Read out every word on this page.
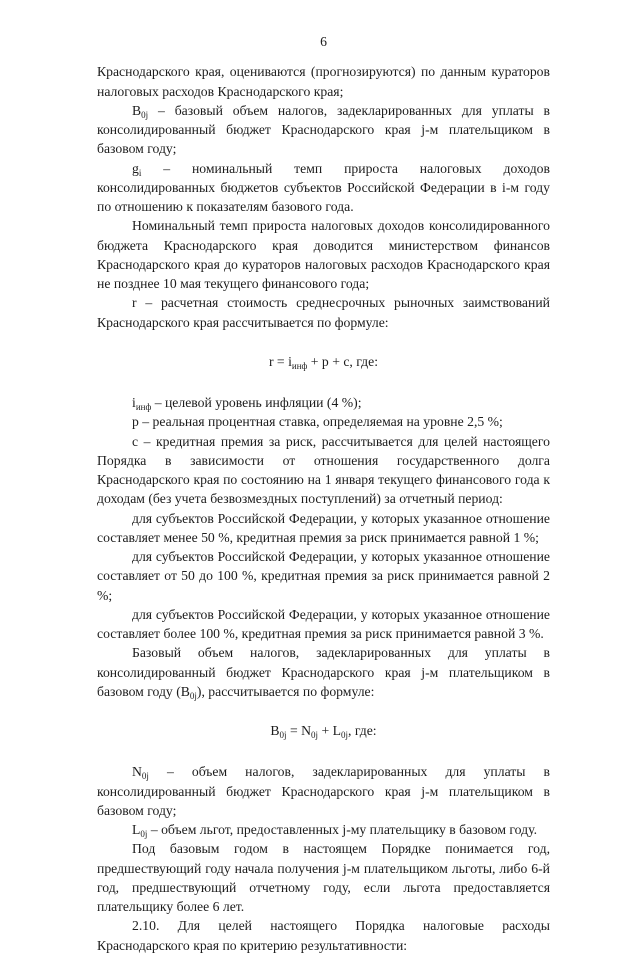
6
Краснодарского края, оцениваются (прогнозируются) по данным кураторов налоговых расходов Краснодарского края;
$B_{0j}$ – базовый объем налогов, задекларированных для уплаты в консолидированный бюджет Краснодарского края j-м плательщиком в базовом году;
$g_i$ – номинальный темп прироста налоговых доходов консолидированных бюджетов субъектов Российской Федерации в i-м году по отношению к показателям базового года.
Номинальный темп прироста налоговых доходов консолидированного бюджета Краснодарского края доводится министерством финансов Краснодарского края до кураторов налоговых расходов Краснодарского края не позднее 10 мая текущего финансового года;
r – расчетная стоимость среднесрочных рыночных заимствований Краснодарского края рассчитывается по формуле:
$r = i_{инф} + p + c$, где:
$i_{инф}$ – целевой уровень инфляции (4 %);
p – реальная процентная ставка, определяемая на уровне 2,5 %;
c – кредитная премия за риск, рассчитывается для целей настоящего Порядка в зависимости от отношения государственного долга Краснодарского края по состоянию на 1 января текущего финансового года к доходам (без учета безвозмездных поступлений) за отчетный период:
для субъектов Российской Федерации, у которых указанное отношение составляет менее 50 %, кредитная премия за риск принимается равной 1 %;
для субъектов Российской Федерации, у которых указанное отношение составляет от 50 до 100 %, кредитная премия за риск принимается равной 2 %;
для субъектов Российской Федерации, у которых указанное отношение составляет более 100 %, кредитная премия за риск принимается равной 3 %.
Базовый объем налогов, задекларированных для уплаты в консолидированный бюджет Краснодарского края j-м плательщиком в базовом году $(B_{0j})$, рассчитывается по формуле:
$B_{0j} = N_{0j} + L_{0j}$, где:
$N_{0j}$ – объем налогов, задекларированных для уплаты в консолидированный бюджет Краснодарского края j-м плательщиком в базовом году;
$L_{0j}$ – объем льгот, предоставленных j-му плательщику в базовом году.
Под базовым годом в настоящем Порядке понимается год, предшествующий году начала получения j-м плательщиком льготы, либо 6-й год, предшествующий отчетному году, если льгота предоставляется плательщику более 6 лет.
2.10. Для целей настоящего Порядка налоговые расходы Краснодарского края по критерию результативности:
